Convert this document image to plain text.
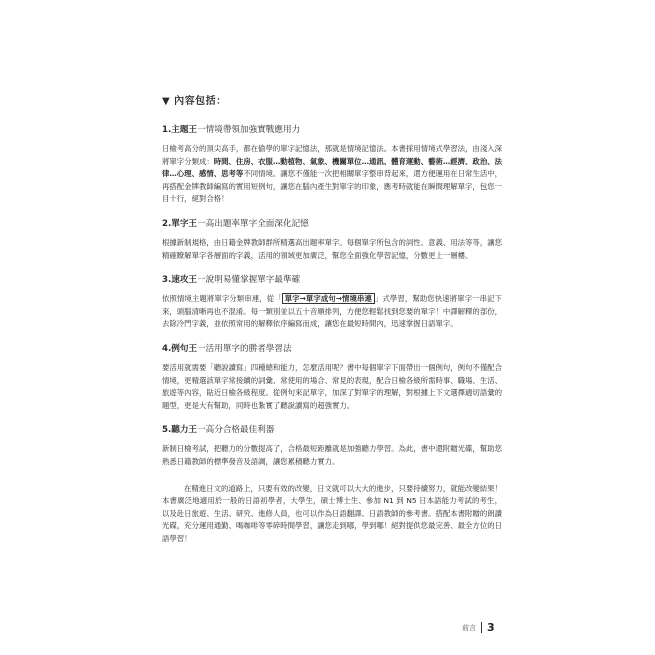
▼ 內容包括：

1.主題王一情境帶領加強實戰應用力

日檢考高分的頂尖高手，都在偷學的單字記憶法，那就是情境記憶法。本書採用情境式學習法，由淺入深將單字分類成：時間、住房、衣服…動植物、氣象、機關單位…通訊、體育運動、藝術…經濟、政治、法律…心理、感情、思考等不同情境。讓您不僅能一次把相關單字整串背起來，還方便運用在日常生活中，再搭配金牌教師編寫的實用短例句，讓您在腦內產生對單字的印象，應考時就能在瞬間理解單字，包您一目十行，絕對合格！

2.單字王一高出題率單字全面深化記憶

根據新制規格，由日籍金牌教師群所精選高出題率單字。每個單字所包含的詞性、意義、用法等等，讓您精確瞭解單字各層面的字義，活用的領域更加廣泛，幫您全面強化學習記憶，分數更上一層樓。

3.速攻王一說明易懂掌握單字最準確

依照情境主題將單字分類串連，從「 單字→單字成句→情境串連 」式學習，幫助您快速將單字一串記下來，頭腦清晰再也不混淆。每一類別並以五十音順排列，方便您輕鬆找到您要的單字！中譯解釋的部份，去除冷門字義，並依照常用的解釋依序編寫而成，讓您在最短時間內，迅速掌握日語單字。

4.例句王一活用單字的勝者學習法

要活用就需要「聽說讀寫」四種總和能力，怎麼活用呢？書中每個單字下面帶出一個例句，例句不僅配合情境，更精選該單字常接續的詞彙、常使用的場合、常見的表現，配合日檢各級所需時事、職場、生活、旅遊等內容，貼近日檢各級程度。從例句來記單字，加深了對單字的理解，對根據上下文選擇適切語彙的題型，更是大有幫助，同時也紮實了聽說讀寫的超強實力。

5.聽力王一高分合格最佳利器

新制日檢考試，把聽力的分數提高了，合格最短距離就是加強聽力學習。為此，書中還附贈光碟，幫助您熟悉日籍教師的標準發音及語調，讓您累積聽力實力。

在精進日文的道路上，只要有效的改變，日文就可以大大的進步，只要持續努力，就能改變結果！本書廣泛地適用於一般的日語初學者，大學生，碩士博士生、參加 N1 到 N5 日本語能力考試的考生，以及赴日旅遊、生活、研究、進修人員，也可以作為日語翻譯、日語教師的參考書。搭配本書附贈的朗讀光碟，充分運用通勤、喝咖啡等零碎時間學習，讓您走到哪，學到哪！絕對提供您最完善、最全方位的日語學習！

前言 3
